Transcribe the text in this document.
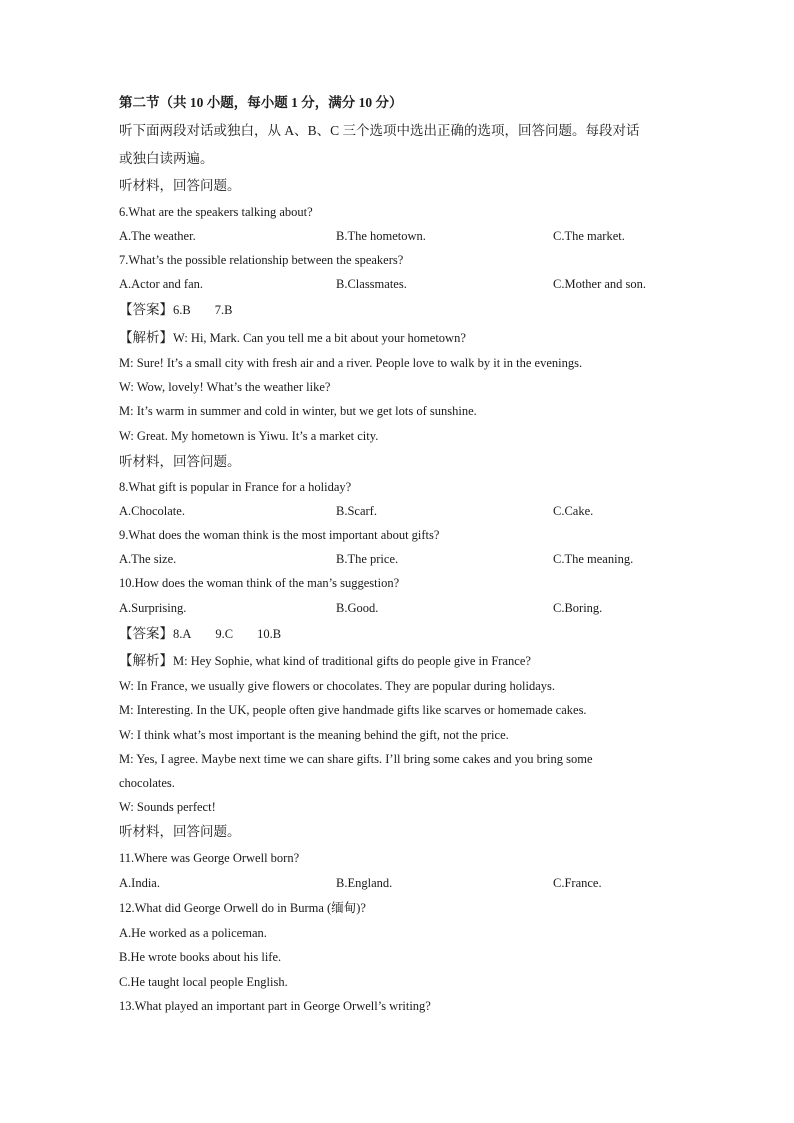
第二节（共 10 小题，每小题 1 分，满分 10 分）
听下面两段对话或独白，从 A、B、C 三个选项中选出正确的选项，回答问题。每段对话
或独白读两遍。
听材料，回答问题。
6.What are the speakers talking about?
A.The weather.	B.The hometown.	C.The market.
7.What’s the possible relationship between the speakers?
A.Actor and fan.	B.Classmates.	C.Mother and son.
【答案】6.B 7.B
【解析】W: Hi, Mark. Can you tell me a bit about your hometown?
M: Sure! It’s a small city with fresh air and a river. People love to walk by it in the evenings.
W: Wow, lovely! What’s the weather like?
M: It’s warm in summer and cold in winter, but we get lots of sunshine.
W: Great. My hometown is Yiwu. It’s a market city.
听材料，回答问题。
8.What gift is popular in France for a holiday?
A.Chocolate.	B.Scarf.	C.Cake.
9.What does the woman think is the most important about gifts?
A.The size.	B.The price.	C.The meaning.
10.How does the woman think of the man’s suggestion?
A.Surprising.	B.Good.	C.Boring.
【答案】8.A 9.C 10.B
【解析】M: Hey Sophie, what kind of traditional gifts do people give in France?
W: In France, we usually give flowers or chocolates. They are popular during holidays.
M: Interesting. In the UK, people often give handmade gifts like scarves or homemade cakes.
W: I think what’s most important is the meaning behind the gift, not the price.
M: Yes, I agree. Maybe next time we can share gifts. I’ll bring some cakes and you bring some
chocolates.
W: Sounds perfect!
听材料，回答问题。
11.Where was George Orwell born?
A.India.	B.England.	C.France.
12.What did George Orwell do in Burma (缅甸)?
A.He worked as a policeman.
B.He wrote books about his life.
C.He taught local people English.
13.What played an important part in George Orwell’s writing?
